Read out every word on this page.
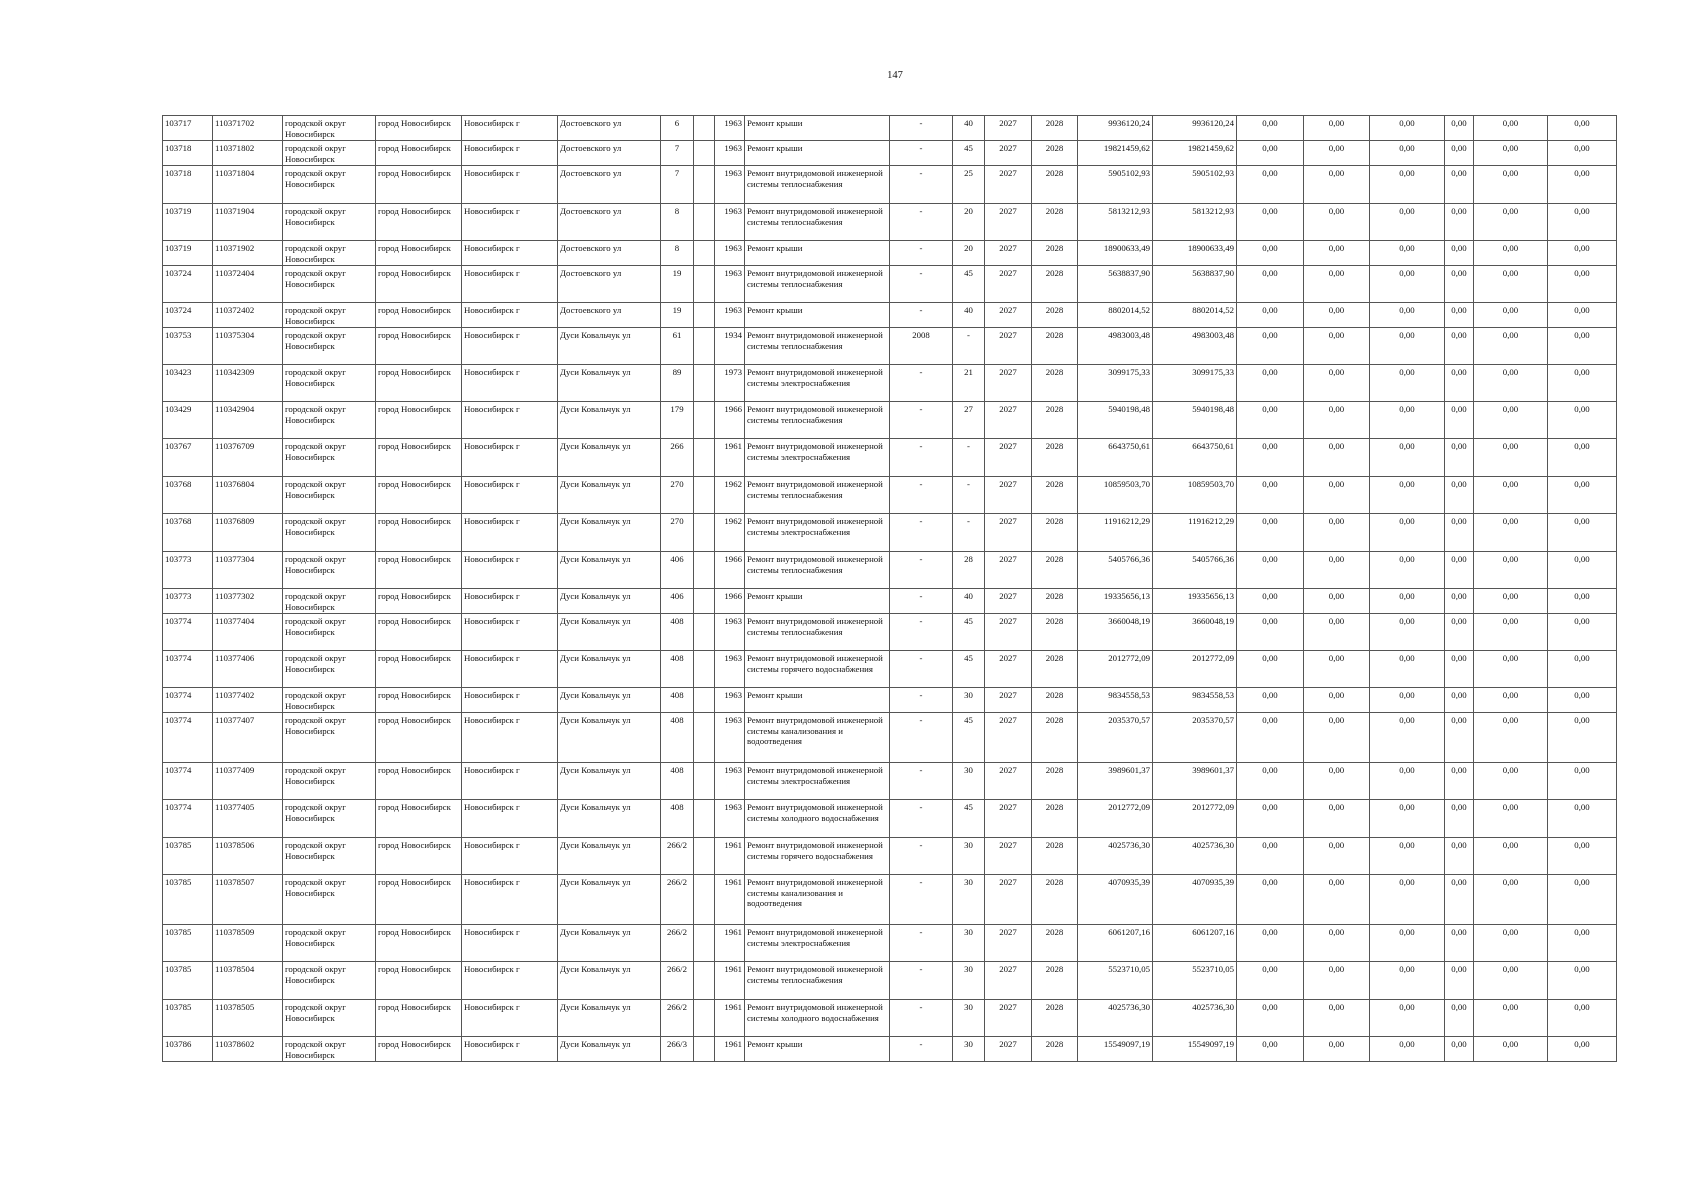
147
103717	110371702	городской округ Новосибирск	город Новосибирск	Новосибирск г	Достоевского ул	6		1963	Ремонт крыши	-	40	2027	2028	9936120,24	9936120,24	0,00	0,00	0,00	0,00	0,00	0,00
103718	110371802	городской округ Новосибирск	город Новосибирск	Новосибирск г	Достоевского ул	7		1963	Ремонт крыши	-	45	2027	2028	19821459,62	19821459,62	0,00	0,00	0,00	0,00	0,00	0,00
103718	110371804	городской округ Новосибирск	город Новосибирск	Новосибирск г	Достоевского ул	7		1963	Ремонт внутридомовой инженерной системы теплоснабжения	-	25	2027	2028	5905102,93	5905102,93	0,00	0,00	0,00	0,00	0,00	0,00
103719	110371904	городской округ Новосибирск	город Новосибирск	Новосибирск г	Достоевского ул	8		1963	Ремонт внутридомовой инженерной системы теплоснабжения	-	20	2027	2028	5813212,93	5813212,93	0,00	0,00	0,00	0,00	0,00	0,00
103719	110371902	городской округ Новосибирск	город Новосибирск	Новосибирск г	Достоевского ул	8		1963	Ремонт крыши	-	20	2027	2028	18900633,49	18900633,49	0,00	0,00	0,00	0,00	0,00	0,00
103724	110372404	городской округ Новосибирск	город Новосибирск	Новосибирск г	Достоевского ул	19		1963	Ремонт внутридомовой инженерной системы теплоснабжения	-	45	2027	2028	5638837,90	5638837,90	0,00	0,00	0,00	0,00	0,00	0,00
103724	110372402	городской округ Новосибирск	город Новосибирск	Новосибирск г	Достоевского ул	19		1963	Ремонт крыши	-	40	2027	2028	8802014,52	8802014,52	0,00	0,00	0,00	0,00	0,00	0,00
103753	110375304	городской округ Новосибирск	город Новосибирск	Новосибирск г	Дуси Ковальчук ул	61		1934	Ремонт внутридомовой инженерной системы теплоснабжения	2008	-	2027	2028	4983003,48	4983003,48	0,00	0,00	0,00	0,00	0,00	0,00
103423	110342309	городской округ Новосибирск	город Новосибирск	Новосибирск г	Дуси Ковальчук ул	89		1973	Ремонт внутридомовой инженерной системы электроснабжения	-	21	2027	2028	3099175,33	3099175,33	0,00	0,00	0,00	0,00	0,00	0,00
103429	110342904	городской округ Новосибирск	город Новосибирск	Новосибирск г	Дуси Ковальчук ул	179		1966	Ремонт внутридомовой инженерной системы теплоснабжения	-	27	2027	2028	5940198,48	5940198,48	0,00	0,00	0,00	0,00	0,00	0,00
103767	110376709	городской округ Новосибирск	город Новосибирск	Новосибирск г	Дуси Ковальчук ул	266		1961	Ремонт внутридомовой инженерной системы электроснабжения	-	-	2027	2028	6643750,61	6643750,61	0,00	0,00	0,00	0,00	0,00	0,00
103768	110376804	городской округ Новосибирск	город Новосибирск	Новосибирск г	Дуси Ковальчук ул	270		1962	Ремонт внутридомовой инженерной системы теплоснабжения	-	-	2027	2028	10859503,70	10859503,70	0,00	0,00	0,00	0,00	0,00	0,00
103768	110376809	городской округ Новосибирск	город Новосибирск	Новосибирск г	Дуси Ковальчук ул	270		1962	Ремонт внутридомовой инженерной системы электроснабжения	-	-	2027	2028	11916212,29	11916212,29	0,00	0,00	0,00	0,00	0,00	0,00
103773	110377304	городской округ Новосибирск	город Новосибирск	Новосибирск г	Дуси Ковальчук ул	406		1966	Ремонт внутридомовой инженерной системы теплоснабжения	-	28	2027	2028	5405766,36	5405766,36	0,00	0,00	0,00	0,00	0,00	0,00
103773	110377302	городской округ Новосибирск	город Новосибирск	Новосибирск г	Дуси Ковальчук ул	406		1966	Ремонт крыши	-	40	2027	2028	19335656,13	19335656,13	0,00	0,00	0,00	0,00	0,00	0,00
103774	110377404	городской округ Новосибирск	город Новосибирск	Новосибирск г	Дуси Ковальчук ул	408		1963	Ремонт внутридомовой инженерной системы теплоснабжения	-	45	2027	2028	3660048,19	3660048,19	0,00	0,00	0,00	0,00	0,00	0,00
103774	110377406	городской округ Новосибирск	город Новосибирск	Новосибирск г	Дуси Ковальчук ул	408		1963	Ремонт внутридомовой инженерной системы горячего водоснабжения	-	45	2027	2028	2012772,09	2012772,09	0,00	0,00	0,00	0,00	0,00	0,00
103774	110377402	городской округ Новосибирск	город Новосибирск	Новосибирск г	Дуси Ковальчук ул	408		1963	Ремонт крыши	-	30	2027	2028	9834558,53	9834558,53	0,00	0,00	0,00	0,00	0,00	0,00
103774	110377407	городской округ Новосибирск	город Новосибирск	Новосибирск г	Дуси Ковальчук ул	408		1963	Ремонт внутридомовой инженерной системы канализования и водоотведения	-	45	2027	2028	2035370,57	2035370,57	0,00	0,00	0,00	0,00	0,00	0,00
103774	110377409	городской округ Новосибирск	город Новосибирск	Новосибирск г	Дуси Ковальчук ул	408		1963	Ремонт внутридомовой инженерной системы электроснабжения	-	30	2027	2028	3989601,37	3989601,37	0,00	0,00	0,00	0,00	0,00	0,00
103774	110377405	городской округ Новосибирск	город Новосибирск	Новосибирск г	Дуси Ковальчук ул	408		1963	Ремонт внутридомовой инженерной системы холодного водоснабжения	-	45	2027	2028	2012772,09	2012772,09	0,00	0,00	0,00	0,00	0,00	0,00
103785	110378506	городской округ Новосибирск	город Новосибирск	Новосибирск г	Дуси Ковальчук ул	266/2		1961	Ремонт внутридомовой инженерной системы горячего водоснабжения	-	30	2027	2028	4025736,30	4025736,30	0,00	0,00	0,00	0,00	0,00	0,00
103785	110378507	городской округ Новосибирск	город Новосибирск	Новосибирск г	Дуси Ковальчук ул	266/2		1961	Ремонт внутридомовой инженерной системы канализования и водоотведения	-	30	2027	2028	4070935,39	4070935,39	0,00	0,00	0,00	0,00	0,00	0,00
103785	110378509	городской округ Новосибирск	город Новосибирск	Новосибирск г	Дуси Ковальчук ул	266/2		1961	Ремонт внутридомовой инженерной системы электроснабжения	-	30	2027	2028	6061207,16	6061207,16	0,00	0,00	0,00	0,00	0,00	0,00
103785	110378504	городской округ Новосибирск	город Новосибирск	Новосибирск г	Дуси Ковальчук ул	266/2		1961	Ремонт внутридомовой инженерной системы теплоснабжения	-	30	2027	2028	5523710,05	5523710,05	0,00	0,00	0,00	0,00	0,00	0,00
103785	110378505	городской округ Новосибирск	город Новосибирск	Новосибирск г	Дуси Ковальчук ул	266/2		1961	Ремонт внутридомовой инженерной системы холодного водоснабжения	-	30	2027	2028	4025736,30	4025736,30	0,00	0,00	0,00	0,00	0,00	0,00
103786	110378602	городской округ Новосибирск	город Новосибирск	Новосибирск г	Дуси Ковальчук ул	266/3		1961	Ремонт крыши	-	30	2027	2028	15549097,19	15549097,19	0,00	0,00	0,00	0,00	0,00	0,00
